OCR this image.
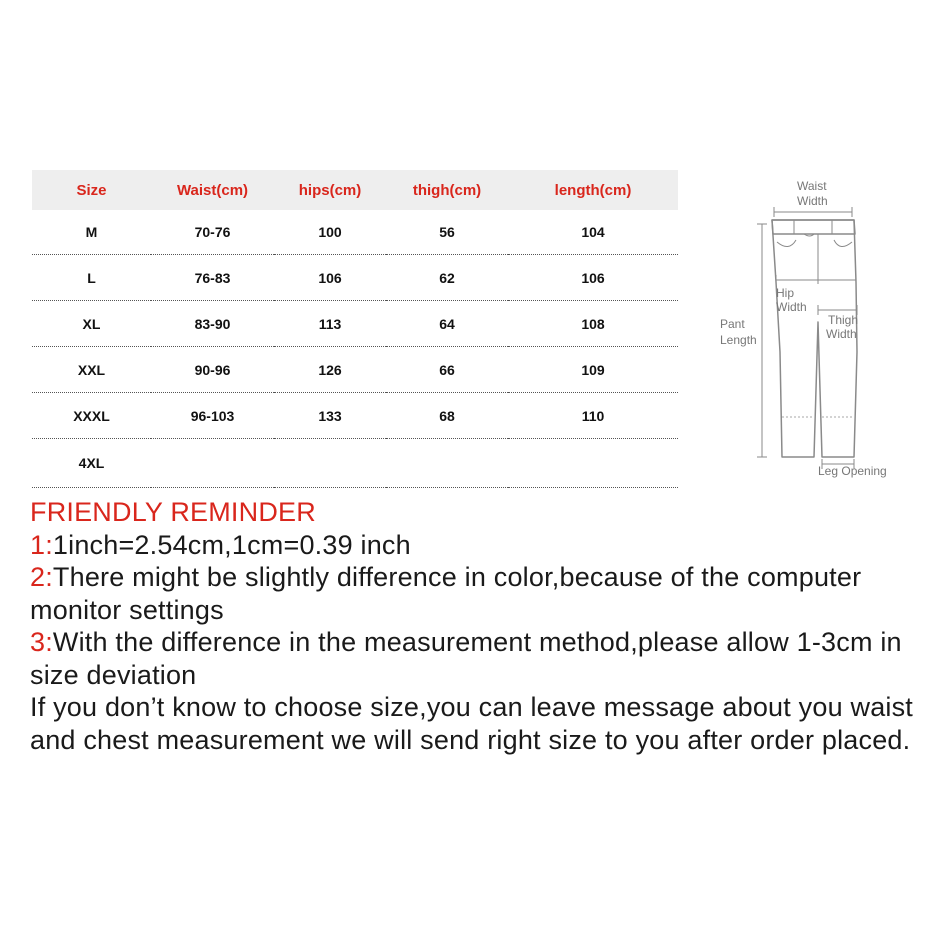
Size	Waist(cm)	hips(cm)	thigh(cm)	length(cm)
M	70-76	100	56	104
L	76-83	106	62	106
XL	83-90	113	64	108
XXL	90-96	126	66	109
XXXL	96-103	133	68	110
4XL				
Waist
Width
Hip
Width
Thigh
Width
Pant
Length
Leg Opening

FRIENDLY REMINDER

1:1inch=2.54cm,1cm=0.39 inch

2:There might be slightly difference in color,because of the computer monitor settings

3:With the difference in the measurement method,please allow 1-3cm in size deviation

If you don’t know to choose size,you can leave message about you waist and chest measurement we will send right size to you after order placed.
